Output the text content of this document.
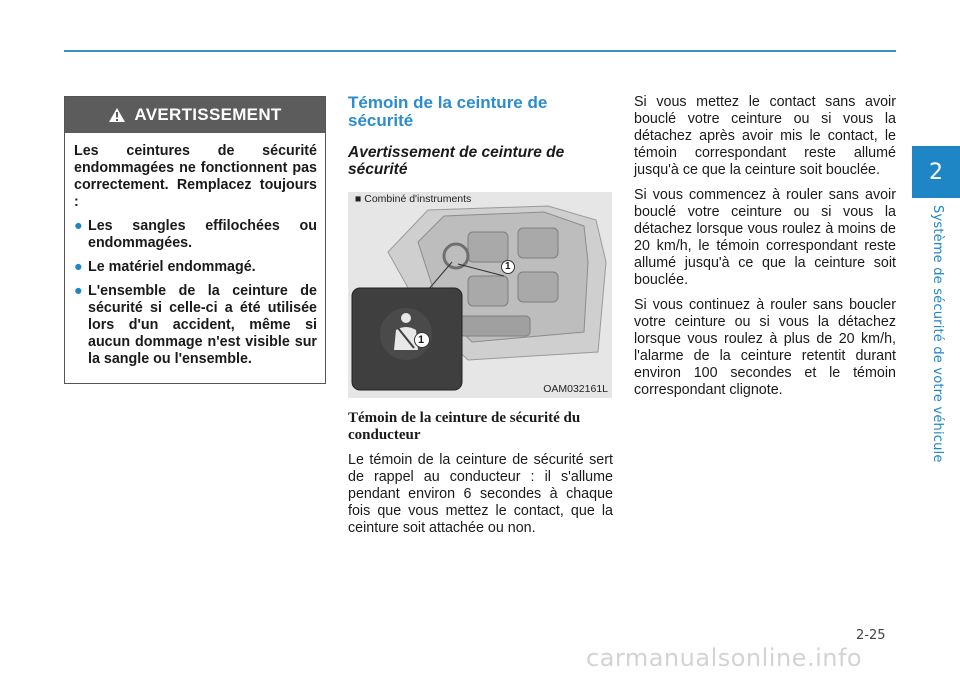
2
Système de sécurité de votre véhicule
AVERTISSEMENT

Les ceintures de sécurité endommagées ne fonctionnent pas correctement. Remplacez toujours :

● Les sangles effilochées ou endommagées.
● Le matériel endommagé.
● L'ensemble de la ceinture de sécurité si celle-ci a été utilisée lors d'un accident, même si aucun dommage n'est visible sur la sangle ou l'ensemble.
Témoin de la ceinture de sécurité
Avertissement de ceinture de sécurité
■ Combiné d'instruments
1
1
OAM032161L
Témoin de la ceinture de sécurité du conducteur

Le témoin de la ceinture de sécurité sert de rappel au conducteur : il s'allume pendant environ 6 secondes à chaque fois que vous mettez le contact, que la ceinture soit attachée ou non.

Si vous mettez le contact sans avoir bouclé votre ceinture ou si vous la détachez après avoir mis le contact, le témoin correspondant reste allumé jusqu'à ce que la ceinture soit bouclée.

Si vous commencez à rouler sans avoir bouclé votre ceinture ou si vous la détachez lorsque vous roulez à moins de 20 km/h, le témoin correspondant reste allumé jusqu'à ce que la ceinture soit bouclée.

Si vous continuez à rouler sans boucler votre ceinture ou si vous la détachez lorsque vous roulez à plus de 20 km/h, l'alarme de la ceinture retentit durant environ 100 secondes et le témoin correspondant clignote.

2-25
carmanualsonline.info
